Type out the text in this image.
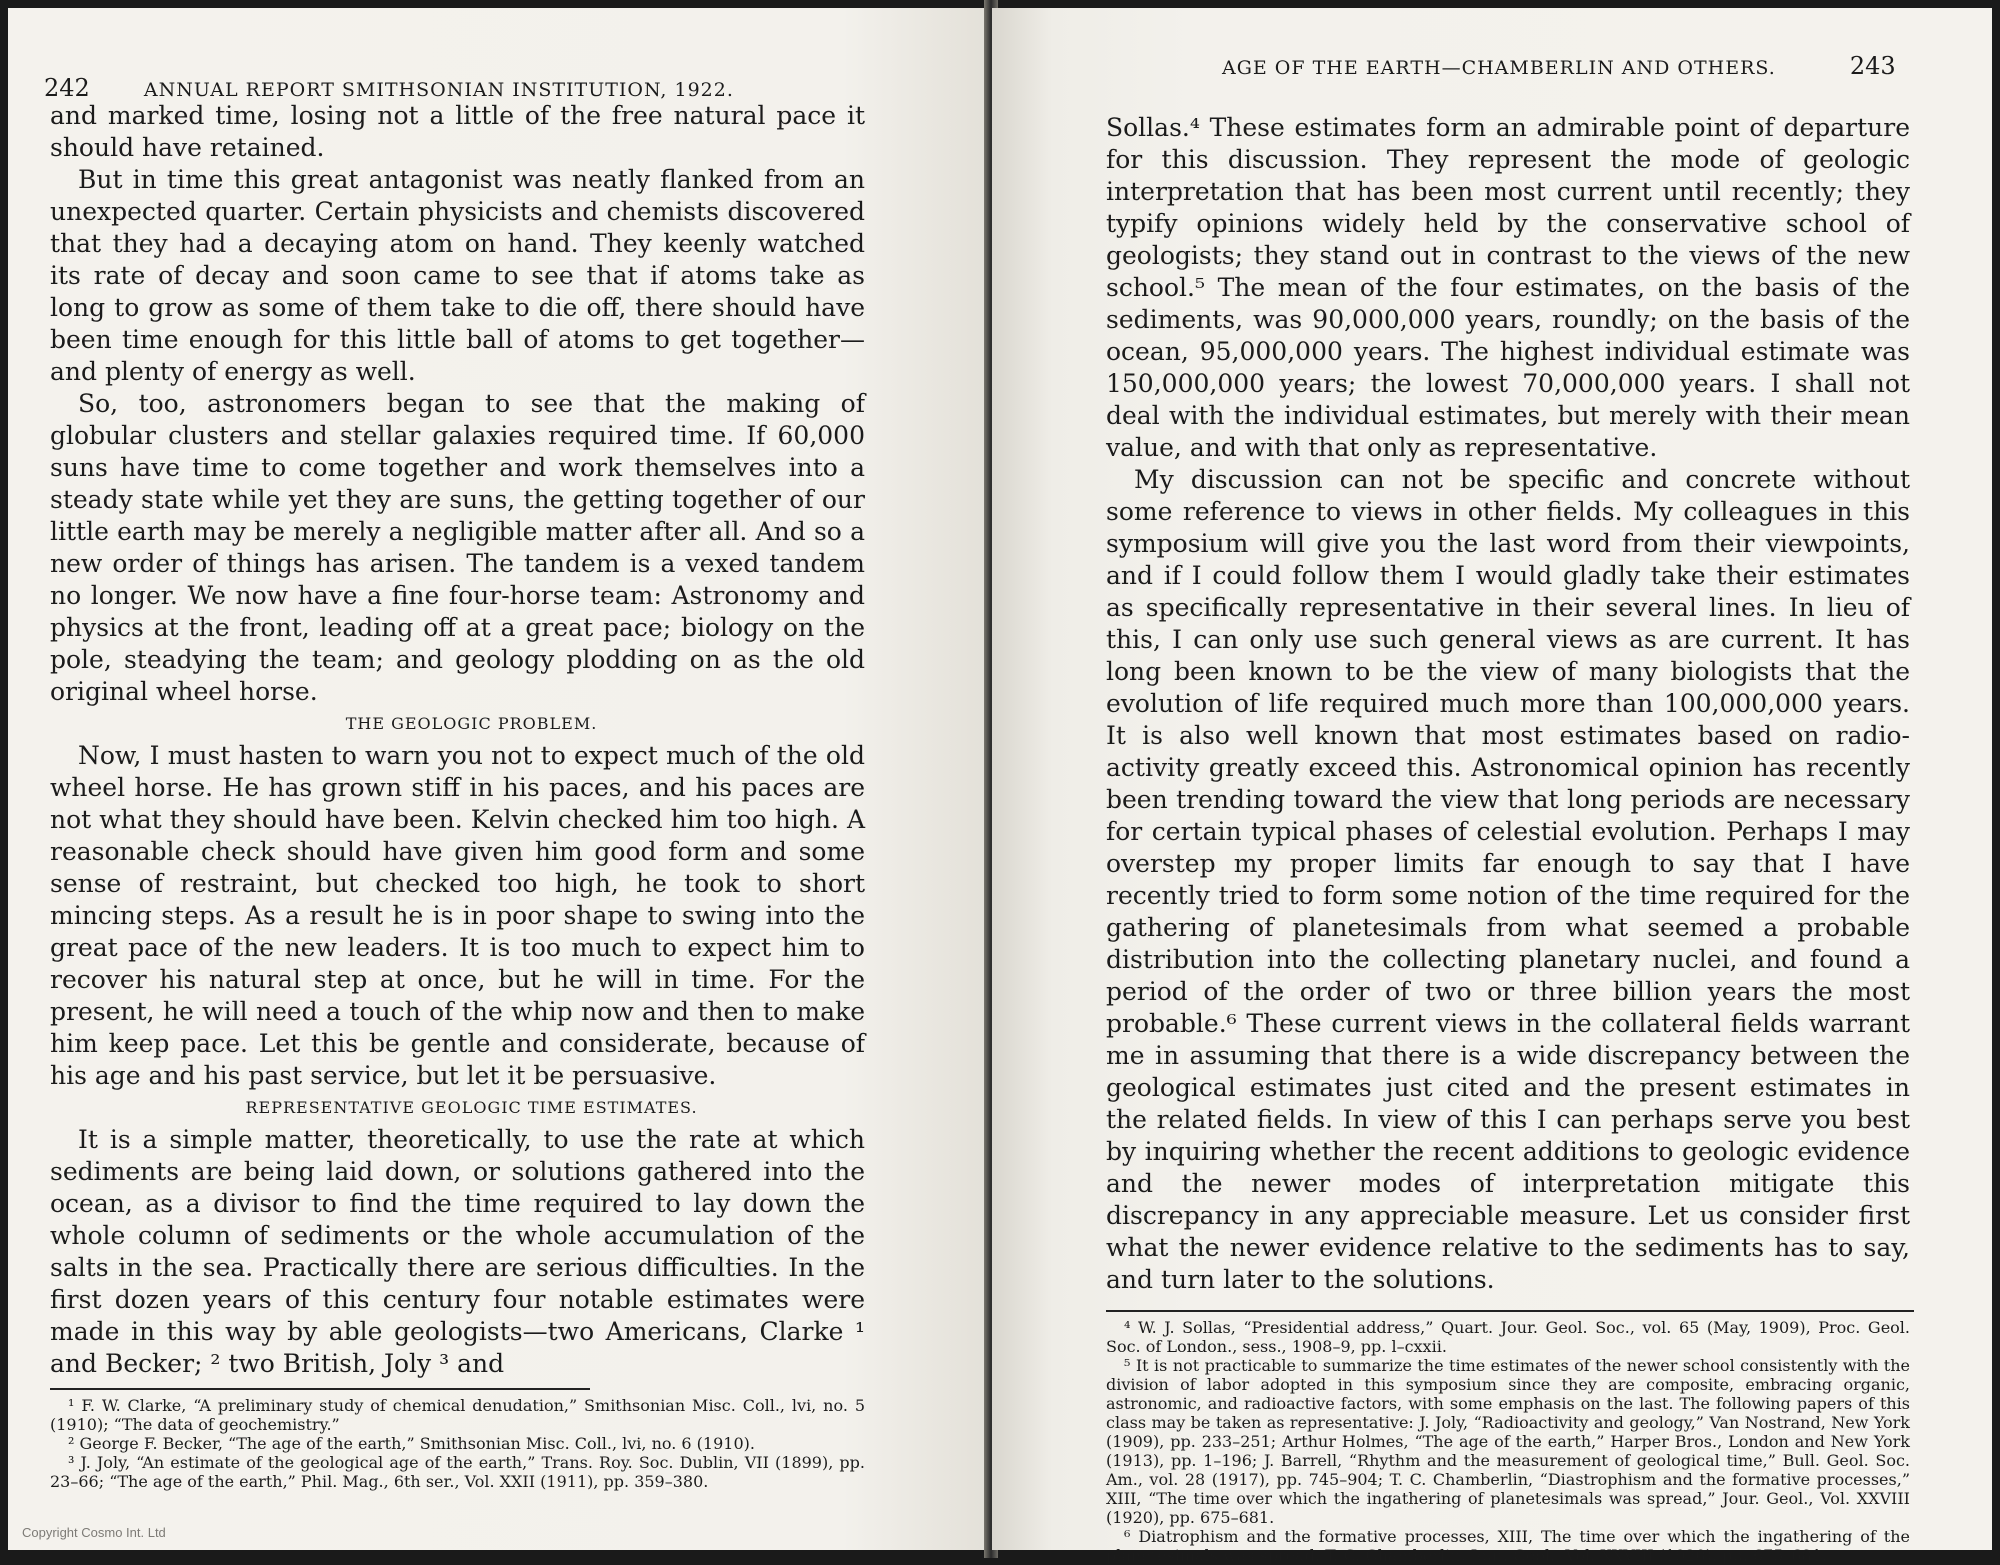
242	ANNUAL REPORT SMITHSONIAN INSTITUTION, 1922.

and marked time, losing not a little of the free natural pace it should have retained.

But in time this great antagonist was neatly flanked from an unexpected quarter. Certain physicists and chemists discovered that they had a decaying atom on hand. They keenly watched its rate of decay and soon came to see that if atoms take as long to grow as some of them take to die off, there should have been time enough for this little ball of atoms to get together—and plenty of energy as well.

So, too, astronomers began to see that the making of globular clusters and stellar galaxies required time. If 60,000 suns have time to come together and work themselves into a steady state while yet they are suns, the getting together of our little earth may be merely a negligible matter after all. And so a new order of things has arisen. The tandem is a vexed tandem no longer. We now have a fine four-horse team: Astronomy and physics at the front, leading off at a great pace; biology on the pole, steadying the team; and geology plodding on as the old original wheel horse.

THE GEOLOGIC PROBLEM.

Now, I must hasten to warn you not to expect much of the old wheel horse. He has grown stiff in his paces, and his paces are not what they should have been. Kelvin checked him too high. A reasonable check should have given him good form and some sense of restraint, but checked too high, he took to short mincing steps. As a result he is in poor shape to swing into the great pace of the new leaders. It is too much to expect him to recover his natural step at once, but he will in time. For the present, he will need a touch of the whip now and then to make him keep pace. Let this be gentle and considerate, because of his age and his past service, but let it be persuasive.

REPRESENTATIVE GEOLOGIC TIME ESTIMATES.

It is a simple matter, theoretically, to use the rate at which sediments are being laid down, or solutions gathered into the ocean, as a divisor to find the time required to lay down the whole column of sediments or the whole accumulation of the salts in the sea. Practically there are serious difficulties. In the first dozen years of this century four notable estimates were made in this way by able geologists—two Americans, Clarke ¹ and Becker; ² two British, Joly ³ and

¹ F. W. Clarke, “A preliminary study of chemical denudation,” Smithsonian Misc. Coll., lvi, no. 5 (1910); “The data of geochemistry.”

² George F. Becker, “The age of the earth,” Smithsonian Misc. Coll., lvi, no. 6 (1910).

³ J. Joly, “An estimate of the geological age of the earth,” Trans. Roy. Soc. Dublin, VII (1899), pp. 23–66; “The age of the earth,” Phil. Mag., 6th ser., Vol. XXII (1911), pp. 359–380.

Copyright Cosmo Int. Ltd
AGE OF THE EARTH—CHAMBERLIN AND OTHERS.	243

Sollas.⁴ These estimates form an admirable point of departure for this discussion. They represent the mode of geologic interpretation that has been most current until recently; they typify opinions widely held by the conservative school of geologists; they stand out in contrast to the views of the new school.⁵ The mean of the four estimates, on the basis of the sediments, was 90,000,000 years, roundly; on the basis of the ocean, 95,000,000 years. The highest individual estimate was 150,000,000 years; the lowest 70,000,000 years. I shall not deal with the individual estimates, but merely with their mean value, and with that only as representative.

My discussion can not be specific and concrete without some reference to views in other fields. My colleagues in this symposium will give you the last word from their viewpoints, and if I could follow them I would gladly take their estimates as specifically representative in their several lines. In lieu of this, I can only use such general views as are current. It has long been known to be the view of many biologists that the evolution of life required much more than 100,000,000 years. It is also well known that most estimates based on radio-activity greatly exceed this. Astronomical opinion has recently been trending toward the view that long periods are necessary for certain typical phases of celestial evolution. Perhaps I may overstep my proper limits far enough to say that I have recently tried to form some notion of the time required for the gathering of planetesimals from what seemed a probable distribution into the collecting planetary nuclei, and found a period of the order of two or three billion years the most probable.⁶ These current views in the collateral fields warrant me in assuming that there is a wide discrepancy between the geological estimates just cited and the present estimates in the related fields. In view of this I can perhaps serve you best by inquiring whether the recent additions to geologic evidence and the newer modes of interpretation mitigate this discrepancy in any appreciable measure. Let us consider first what the newer evidence relative to the sediments has to say, and turn later to the solutions.

⁴ W. J. Sollas, “Presidential address,” Quart. Jour. Geol. Soc., vol. 65 (May, 1909), Proc. Geol. Soc. of London., sess., 1908–9, pp. l–cxxii.

⁵ It is not practicable to summarize the time estimates of the newer school consistently with the division of labor adopted in this symposium since they are composite, embracing organic, astronomic, and radioactive factors, with some emphasis on the last. The following papers of this class may be taken as representative: J. Joly, “Radioactivity and geology,” Van Nostrand, New York (1909), pp. 233–251; Arthur Holmes, “The age of the earth,” Harper Bros., London and New York (1913), pp. 1–196; J. Barrell, “Rhythm and the measurement of geological time,” Bull. Geol. Soc. Am., vol. 28 (1917), pp. 745–904; T. C. Chamberlin, “Diastrophism and the formative processes,” XIII, “The time over which the ingathering of planetesimals was spread,” Jour. Geol., Vol. XXVIII (1920), pp. 675–681.

⁶ Diatrophism and the formative processes, XIII, The time over which the ingathering of the planetesimals was spread, T. C. Chamberlin, Jour. Geol., Vol. XXVIII (1920), pp. 675–681.
